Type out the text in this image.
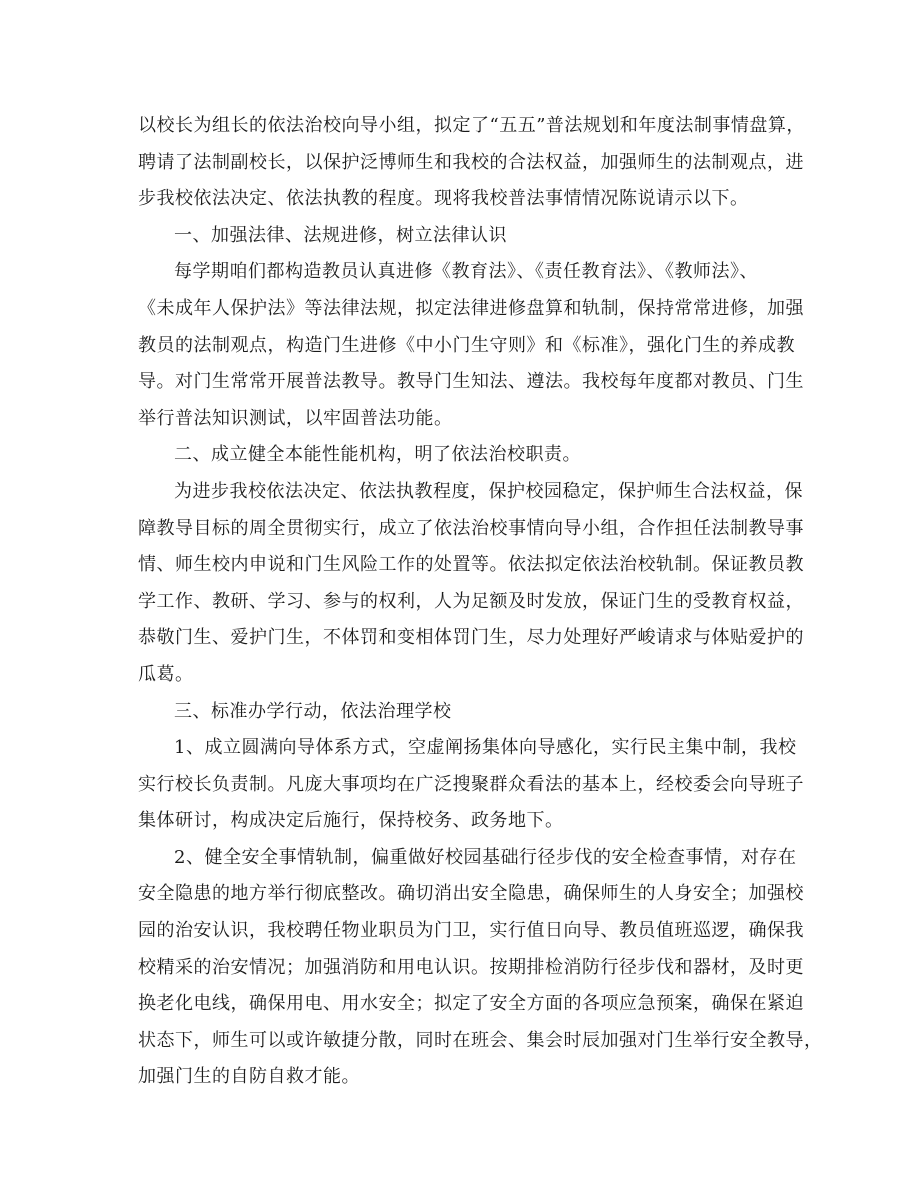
以校长为组长的依法治校向导小组，拟定了“五五”普法规划和年度法制事情盘算，
聘请了法制副校长，以保护泛博师生和我校的合法权益，加强师生的法制观点，进
步我校依法决定、依法执教的程度。现将我校普法事情情况陈说请示以下。
一、加强法律、法规进修，树立法律认识
每学期咱们都构造教员认真进修《教育法》、《责任教育法》、《教师法》、
《未成年人保护法》等法律法规，拟定法律进修盘算和轨制，保持常常进修，加强
教员的法制观点，构造门生进修《中小门生守则》和《标准》，强化门生的养成教
导。对门生常常开展普法教导。教导门生知法、遵法。我校每年度都对教员、门生
举行普法知识测试，以牢固普法功能。
二、成立健全本能性能机构，明了依法治校职责。
为进步我校依法决定、依法执教程度，保护校园稳定，保护师生合法权益，保
障教导目标的周全贯彻实行，成立了依法治校事情向导小组，合作担任法制教导事
情、师生校内申说和门生风险工作的处置等。依法拟定依法治校轨制。保证教员教
学工作、教研、学习、参与的权利，人为足额及时发放，保证门生的受教育权益，
恭敬门生、爱护门生，不体罚和变相体罚门生，尽力处理好严峻请求与体贴爱护的
瓜葛。
三、标准办学行动，依法治理学校
1、成立圆满向导体系方式，空虚阐扬集体向导感化，实行民主集中制，我校
实行校长负责制。凡庞大事项均在广泛搜聚群众看法的基本上，经校委会向导班子
集体研讨，构成决定后施行，保持校务、政务地下。
2、健全安全事情轨制，偏重做好校园基础行径步伐的安全检查事情，对存在
安全隐患的地方举行彻底整改。确切消出安全隐患，确保师生的人身安全；加强校
园的治安认识，我校聘任物业职员为门卫，实行值日向导、教员值班巡逻，确保我
校精采的治安情况；加强消防和用电认识。按期排检消防行径步伐和器材，及时更
换老化电线，确保用电、用水安全；拟定了安全方面的各项应急预案，确保在紧迫
状态下，师生可以或许敏捷分散，同时在班会、集会时辰加强对门生举行安全教导，
加强门生的自防自救才能。
